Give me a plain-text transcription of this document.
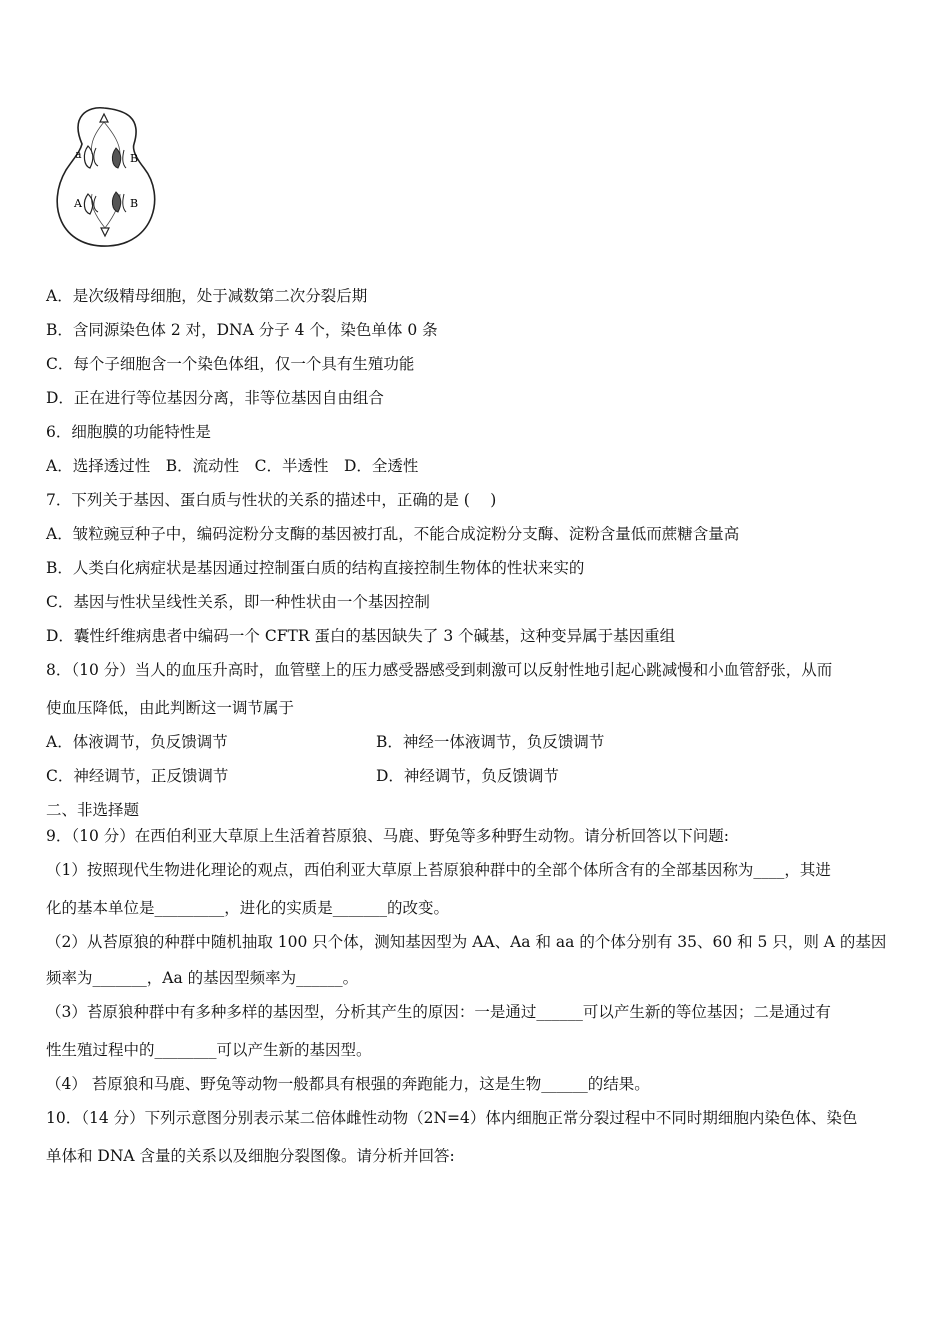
a	B
A	B
A．是次级精母细胞，处于减数第二次分裂后期
B．含同源染色体 2 对，DNA 分子 4 个，染色单体 0 条
C．每个子细胞含一个染色体组，仅一个具有生殖功能
D．正在进行等位基因分离，非等位基因自由组合
6．细胞膜的功能特性是
A．选择透过性　B．流动性　C．半透性　D．全透性
7．下列关于基因、蛋白质与性状的关系的描述中，正确的是 (　 )
A．皱粒豌豆种子中，编码淀粉分支酶的基因被打乱，不能合成淀粉分支酶、淀粉含量低而蔗糖含量高
B．人类白化病症状是基因通过控制蛋白质的结构直接控制生物体的性状来实的
C．基因与性状呈线性关系，即一种性状由一个基因控制
D．囊性纤维病患者中编码一个 CFTR 蛋白的基因缺失了 3 个碱基，这种变异属于基因重组
8．（10 分）当人的血压升高时，血管壁上的压力感受器感受到刺激可以反射性地引起心跳减慢和小血管舒张，从而
使血压降低，由此判断这一调节属于
A．体液调节，负反馈调节	B．神经一体液调节，负反馈调节
C．神经调节，正反馈调节	D．神经调节，负反馈调节
二、非选择题
9．（10 分）在西伯利亚大草原上生活着苔原狼、马鹿、野兔等多种野生动物。请分析回答以下问题:
（1）按照现代生物进化理论的观点，西伯利亚大草原上苔原狼种群中的全部个体所含有的全部基因称为____，其进
化的基本单位是_________，进化的实质是_______的改变。
（2）从苔原狼的种群中随机抽取 100 只个体，测知基因型为 AA、Aa 和 aa 的个体分别有 35、60 和 5 只，则 A 的基因
频率为_______，Aa 的基因型频率为______。
（3）苔原狼种群中有多种多样的基因型，分析其产生的原因：一是通过______可以产生新的等位基因；二是通过有
性生殖过程中的________可以产生新的基因型。
（4） 苔原狼和马鹿、野兔等动物一般都具有根强的奔跑能力，这是生物______的结果。
10．（14 分）下列示意图分别表示某二倍体雌性动物（2N=4）体内细胞正常分裂过程中不同时期细胞内染色体、染色
单体和 DNA 含量的关系以及细胞分裂图像。请分析并回答:
